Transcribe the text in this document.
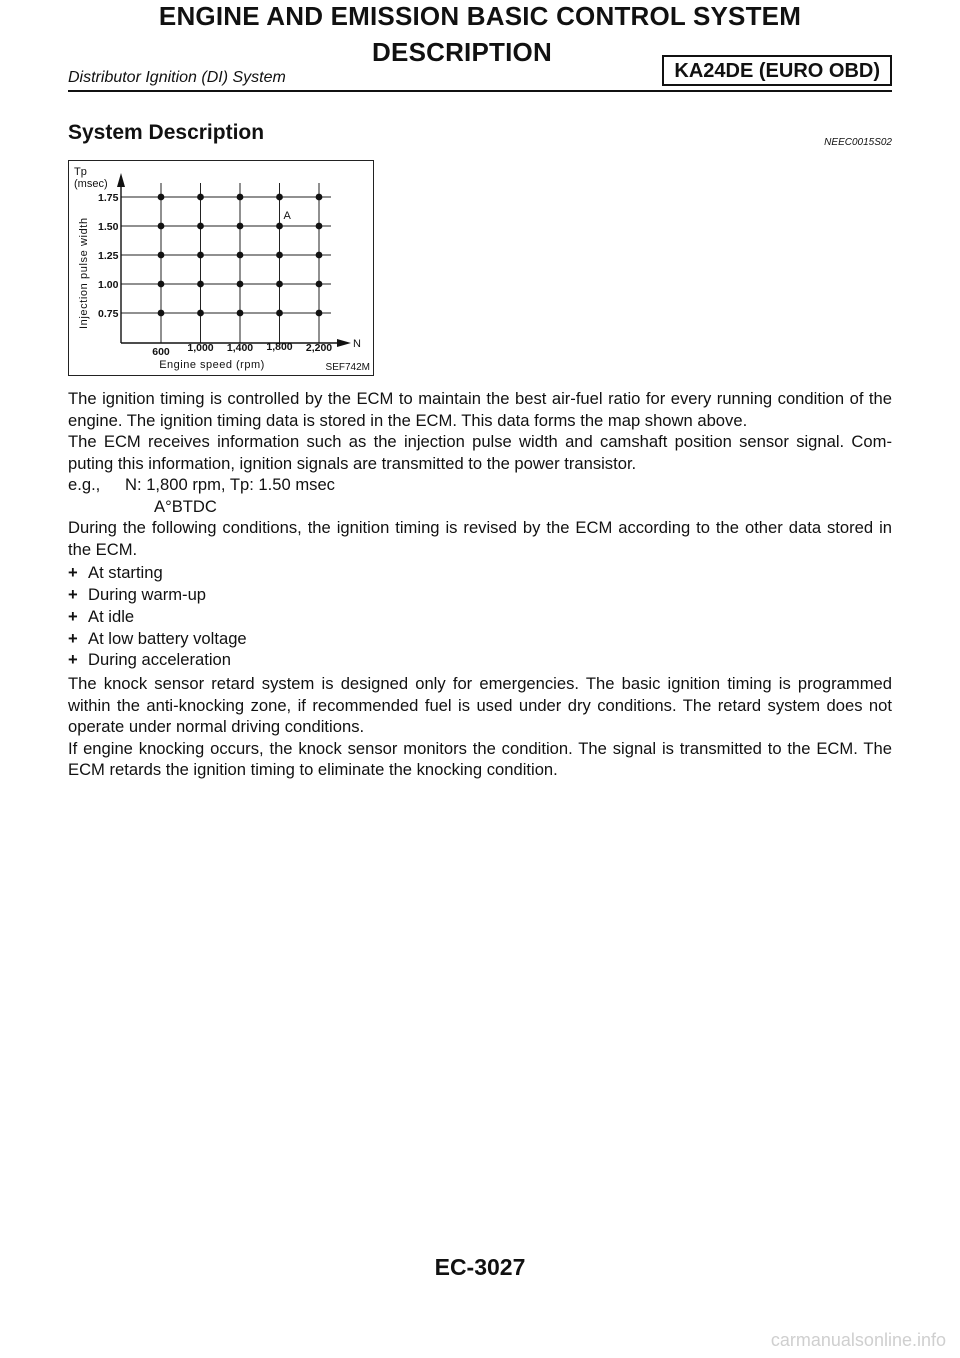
ENGINE AND EMISSION BASIC CONTROL SYSTEM
DESCRIPTION
KA24DE (EURO OBD)
Distributor Ignition (DI) System
System Description	NEEC0015S02
1.75
1.50
1.25
1.00
0.75
600 1,000 1,400 1,800 2,200
Tp
(msec)
N
Injection pulse width
Engine speed (rpm)
A
SEF742M

The ignition timing is controlled by the ECM to maintain the best air-fuel ratio for every running condition of the engine. The ignition timing data is stored in the ECM. This data forms the map shown above.

The ECM receives information such as the injection pulse width and camshaft position sensor signal. Com- puting this information, ignition signals are transmitted to the power transistor.

e.g., N: 1,800 rpm, Tp: 1.50 msec
A°BTDC

During the following conditions, the ignition timing is revised by the ECM according to the other data stored in the ECM.

+ At starting
+ During warm-up
+ At idle
+ At low battery voltage
+ During acceleration

The knock sensor retard system is designed only for emergencies. The basic ignition timing is programmed within the anti-knocking zone, if recommended fuel is used under dry conditions. The retard system does not operate under normal driving conditions.

If engine knocking occurs, the knock sensor monitors the condition. The signal is transmitted to the ECM. The ECM retards the ignition timing to eliminate the knocking condition.

EC-3027
carmanualsonline.info
